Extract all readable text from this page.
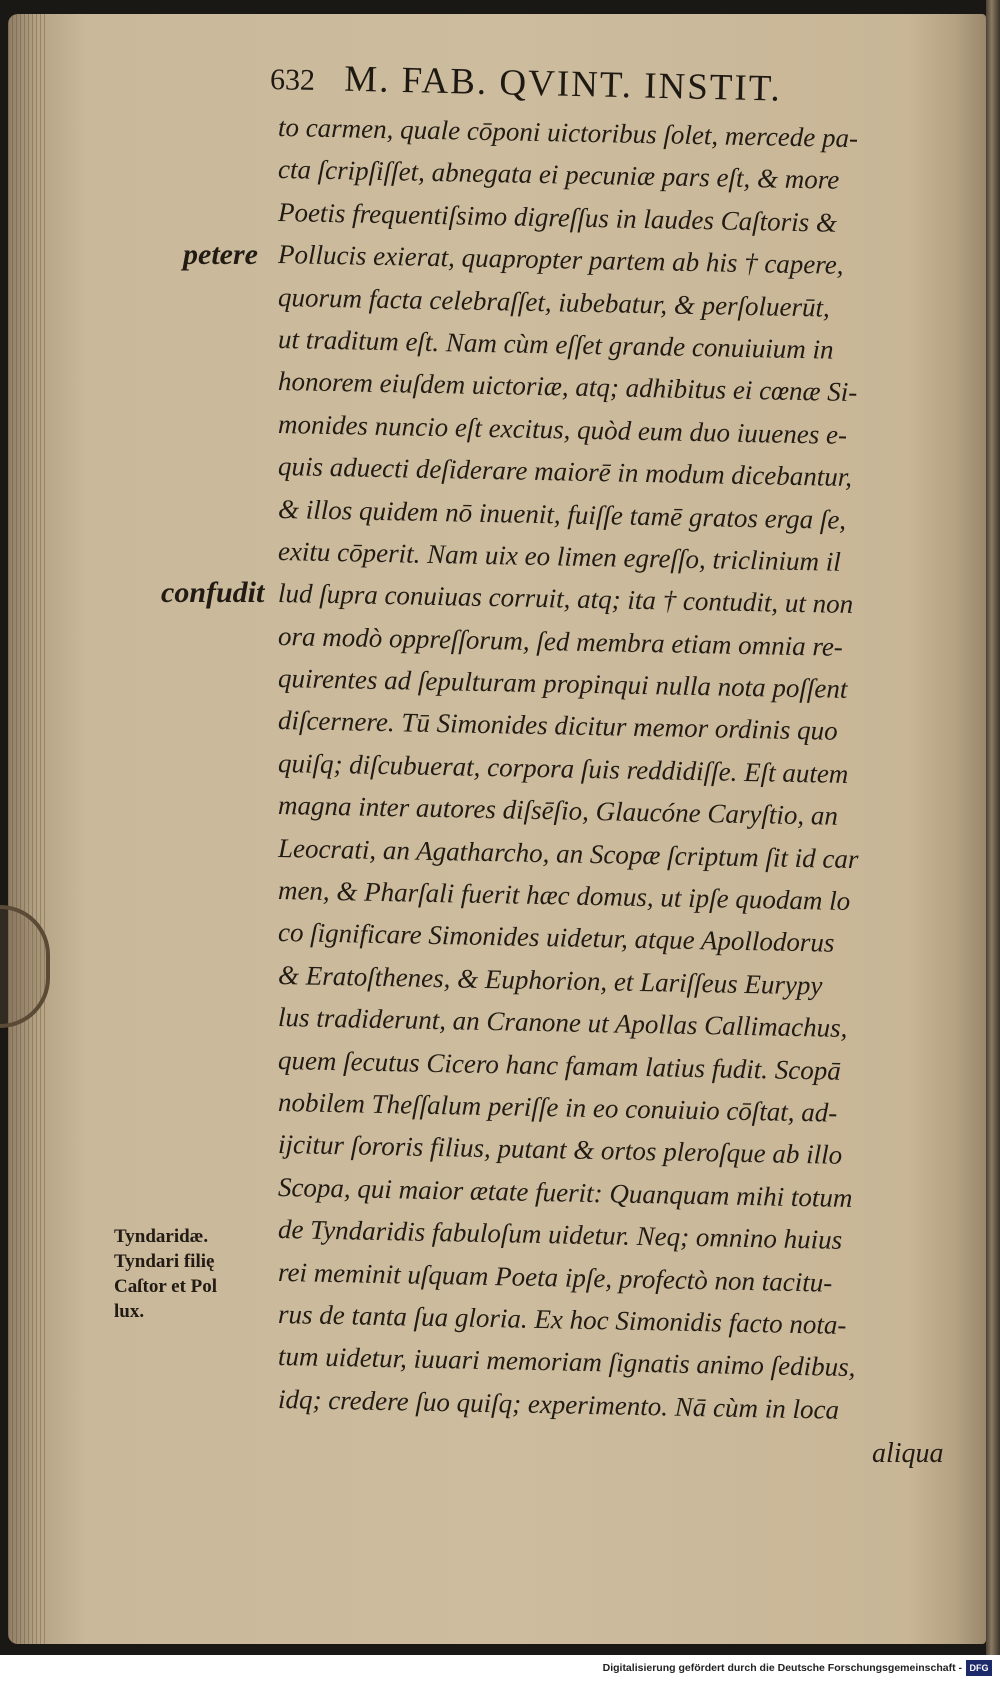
632 M. FAB. QVINT. INSTIT.
petere
confudit
Tyndaridæ.
Tyndari filię
Caſtor et Pol
lux.
to carmen, quale cōponi uictoribus ſolet, mercede pa-
cta ſcripſiſſet, abnegata ei pecuniæ pars eſt, & more
Poetis frequentiſsimo digreſſus in laudes Caſtoris &
Pollucis exierat, quapropter partem ab his † capere,
quorum facta celebraſſet, iubebatur, & perſoluerūt,
ut traditum eſt. Nam cùm eſſet grande conuiuium in
honorem eiuſdem uictoriæ, atq; adhibitus ei cœnæ Si-
monides nuncio eſt excitus, quòd eum duo iuuenes e-
quis aduecti deſiderare maiorē in modum dicebantur,
& illos quidem nō inuenit, fuiſſe tamē gratos erga ſe,
exitu cōperit. Nam uix eo limen egreſſo, triclinium il
lud ſupra conuiuas corruit, atq; ita † contudit, ut non
ora modò oppreſſorum, ſed membra etiam omnia re-
quirentes ad ſepulturam propinqui nulla nota poſſent
diſcernere. Tū Simonides dicitur memor ordinis quo
quiſq; diſcubuerat, corpora ſuis reddidiſſe. Eſt autem
magna inter autores diſsēſio, Glaucóne Caryſtio, an
Leocrati, an Agatharcho, an Scopæ ſcriptum ſit id car
men, & Pharſali fuerit hæc domus, ut ipſe quodam lo
co ſignificare Simonides uidetur, atque Apollodorus
& Eratoſthenes, & Euphorion, et Lariſſeus Eurypy
lus tradiderunt, an Cranone ut Apollas Callimachus,
quem ſecutus Cicero hanc famam latius fudit. Scopā
nobilem Theſſalum periſſe in eo conuiuio cōſtat, ad-
ijcitur ſororis filius, putant & ortos pleroſque ab illo
Scopa, qui maior ætate fuerit: Quanquam mihi totum
de Tyndaridis fabuloſum uidetur. Neq; omnino huius
rei meminit uſquam Poeta ipſe, profectò non tacitu-
rus de tanta ſua gloria. Ex hoc Simonidis facto nota-
tum uidetur, iuuari memoriam ſignatis animo ſedibus,
idq; credere ſuo quiſq; experimento. Nā cùm in loca
aliqua
Digitalisierung gefördert durch die Deutsche Forschungsgemeinschaft - DFG
